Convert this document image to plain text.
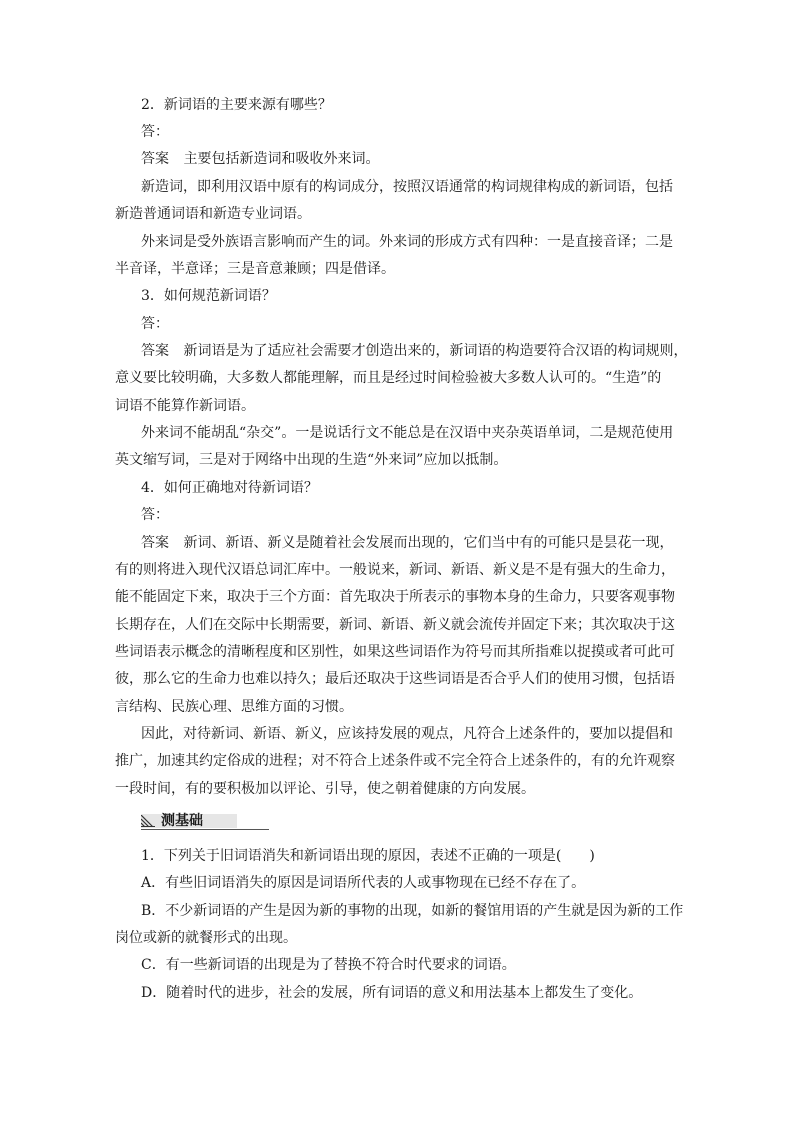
2．新词语的主要来源有哪些？
答：
答案 主要包括新造词和吸收外来词。
新造词，即利用汉语中原有的构词成分，按照汉语通常的构词规律构成的新词语，包括
新造普通词语和新造专业词语。
外来词是受外族语言影响而产生的词。外来词的形成方式有四种：一是直接音译；二是
半音译，半意译；三是音意兼顾；四是借译。
3．如何规范新词语？
答：
答案 新词语是为了适应社会需要才创造出来的，新词语的构造要符合汉语的构词规则，
意义要比较明确，大多数人都能理解，而且是经过时间检验被大多数人认可的。“生造”的
词语不能算作新词语。
外来词不能胡乱“杂交”。一是说话行文不能总是在汉语中夹杂英语单词，二是规范使用
英文缩写词，三是对于网络中出现的生造“外来词”应加以抵制。
4．如何正确地对待新词语？
答：
答案 新词、新语、新义是随着社会发展而出现的，它们当中有的可能只是昙花一现，
有的则将进入现代汉语总词汇库中。一般说来，新词、新语、新义是不是有强大的生命力，
能不能固定下来，取决于三个方面：首先取决于所表示的事物本身的生命力，只要客观事物
长期存在，人们在交际中长期需要，新词、新语、新义就会流传并固定下来；其次取决于这
些词语表示概念的清晰程度和区别性，如果这些词语作为符号而其所指难以捉摸或者可此可
彼，那么它的生命力也难以持久；最后还取决于这些词语是否合乎人们的使用习惯，包括语
言结构、民族心理、思维方面的习惯。
因此，对待新词、新语、新义，应该持发展的观点，凡符合上述条件的，要加以提倡和
推广，加速其约定俗成的进程；对不符合上述条件或不完全符合上述条件的，有的允许观察
一段时间，有的要积极加以评论、引导，使之朝着健康的方向发展。
测基础
1．下列关于旧词语消失和新词语出现的原因，表述不正确的一项是(　　)
A．有些旧词语消失的原因是词语所代表的人或事物现在已经不存在了。
B．不少新词语的产生是因为新的事物的出现，如新的餐馆用语的产生就是因为新的工作
岗位或新的就餐形式的出现。
C．有一些新词语的出现是为了替换不符合时代要求的词语。
D．随着时代的进步，社会的发展，所有词语的意义和用法基本上都发生了变化。
